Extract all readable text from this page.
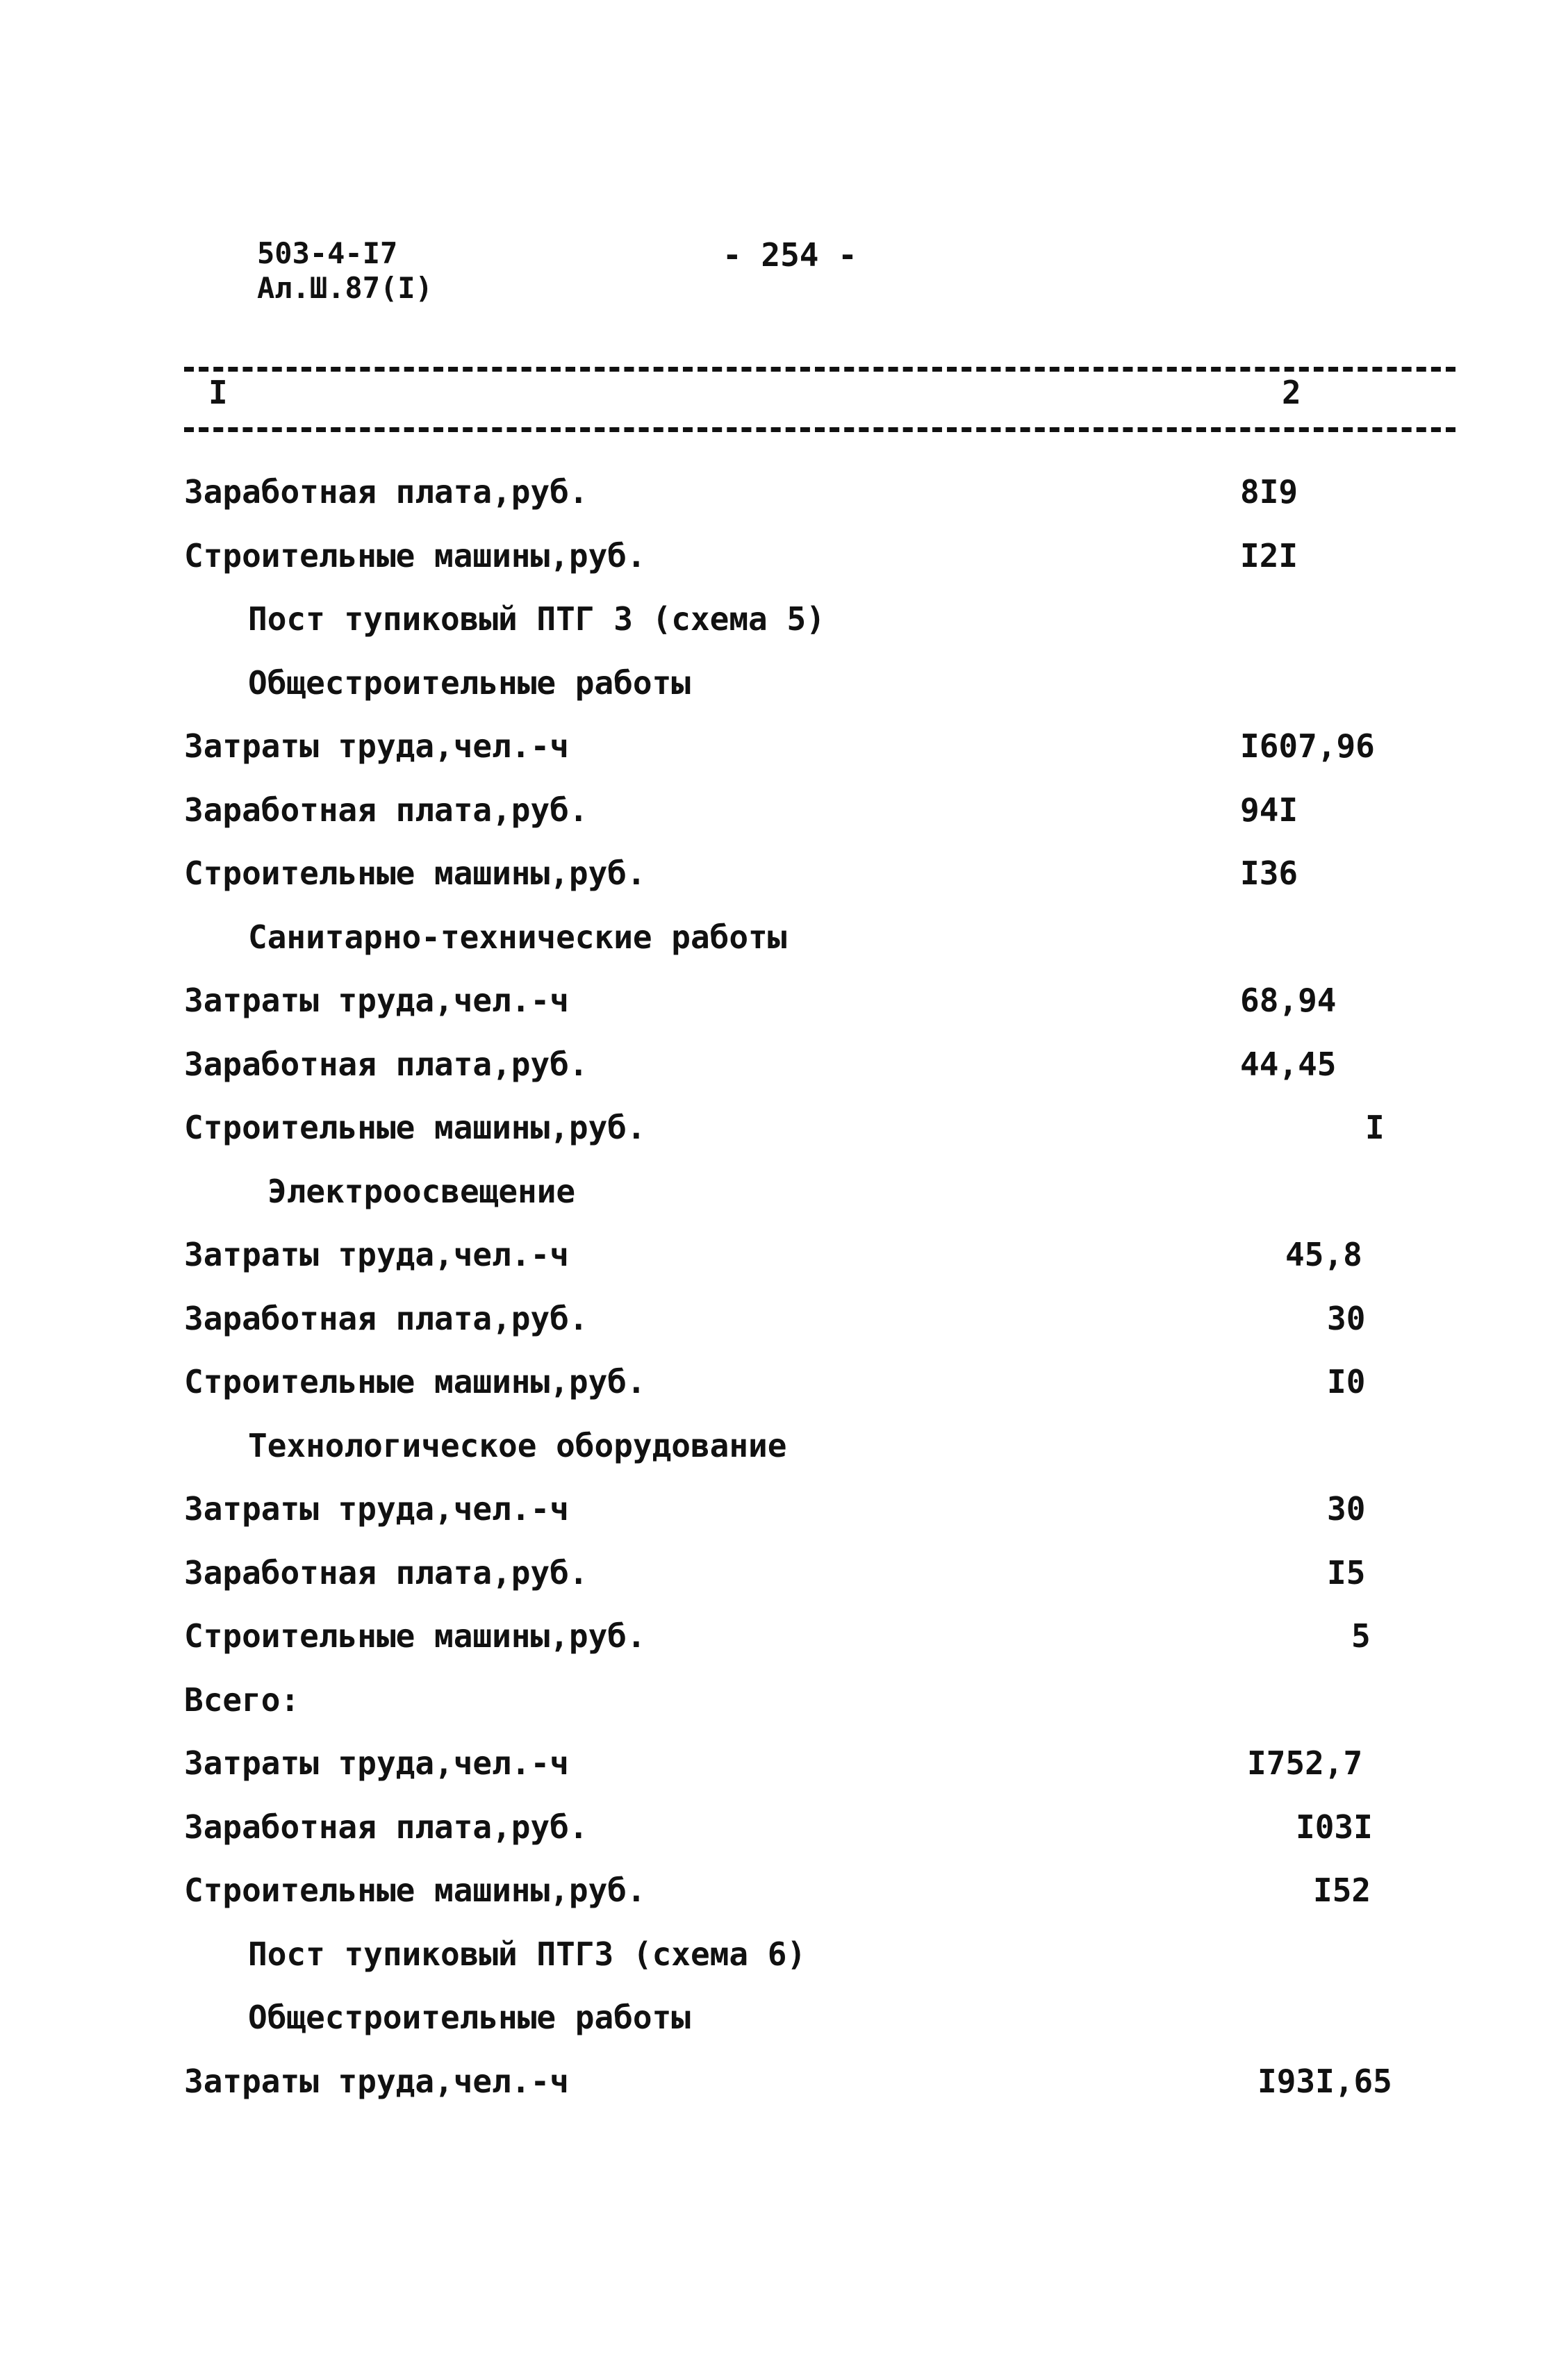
503-4-I7
Ал.Ш.87(I)
- 254 -
I	2
Заработная плата,руб.	8I9
Строительные машины,руб.	I2I
Пост тупиковый ПТГ 3 (схема 5)
Общестроительные работы
Затраты труда,чел.-ч	I607,96
Заработная плата,руб.	94I
Строительные машины,руб.	I36
Санитарно-технические работы
Затраты труда,чел.-ч	68,94
Заработная плата,руб.	44,45
Строительные машины,руб.	I
Электроосвещение
Затраты труда,чел.-ч	45,8
Заработная плата,руб.	30
Строительные машины,руб.	I0
Технологическое оборудование
Затраты труда,чел.-ч	30
Заработная плата,руб.	I5
Строительные машины,руб.	5
Всего:
Затраты труда,чел.-ч	I752,7
Заработная плата,руб.	I03I
Строительные машины,руб.	I52
Пост тупиковый ПТГЗ (схема 6)
Общестроительные работы
Затраты труда,чел.-ч	I93I,65
